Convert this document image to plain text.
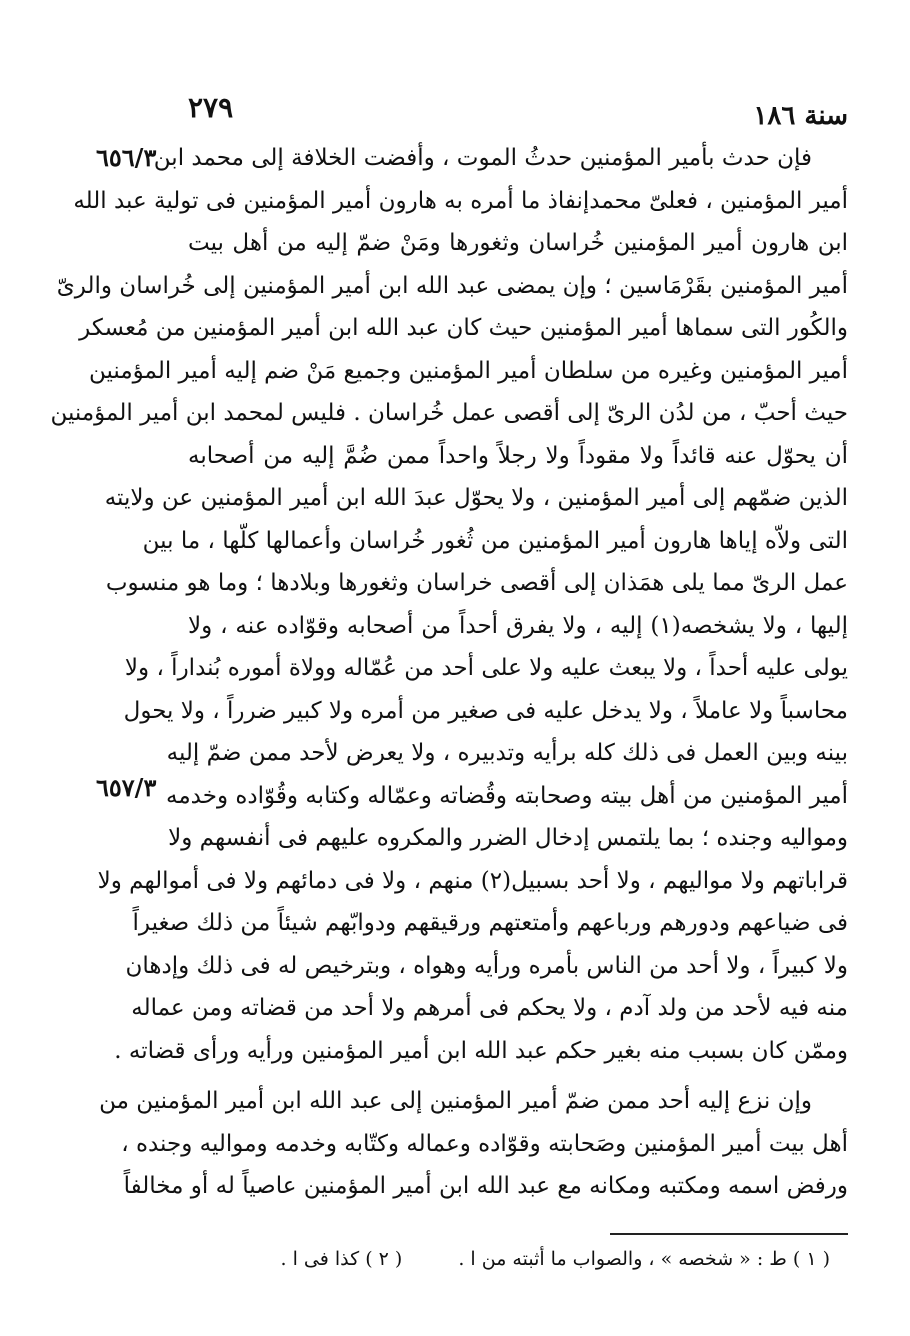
سنة ١٨٦
٢٧٩
٦٥٦/٣
٦٥٧/٣
فإن حدث بأمير المؤمنين حدثُ الموت ، وأفضت الخلافة إلى محمد ابن
أمير المؤمنين ، فعلىّ محمدإنفاذ ما أمره به هارون أمير المؤمنين فى تولية عبد الله
ابن هارون أمير المؤمنين خُراسان وثغورها ومَنْ ضمّ إليه من أهل بيت
أمير المؤمنين بقَرْمَاسين ؛ وإن يمضى عبد الله ابن أمير المؤمنين إلى خُراسان والرىّ
والكُور التى سماها أمير المؤمنين حيث كان عبد الله ابن أمير المؤمنين من مُعسكر
أمير المؤمنين وغيره من سلطان أمير المؤمنين وجميع مَنْ ضم إليه أمير المؤمنين
حيث أحبّ ، من لدُن الرىّ إلى أقصى عمل خُراسان . فليس لمحمد ابن أمير المؤمنين
أن يحوّل عنه قائداً ولا مقوداً ولا رجلاً واحداً ممن ضُمَّ إليه من أصحابه
الذين ضمّهم إلى أمير المؤمنين ، ولا يحوّل عبدَ الله ابن أمير المؤمنين عن ولايته
التى ولاّه إياها هارون أمير المؤمنين من ثُغور خُراسان وأعمالها كلّها ، ما بين
عمل الرىّ مما يلى همَذان إلى أقصى خراسان وثغورها وبلادها ؛ وما هو منسوب
إليها ، ولا يشخصه(١) إليه ، ولا يفرق أحداً من أصحابه وقوّاده عنه ، ولا
يولى عليه أحداً ، ولا يبعث عليه ولا على أحد من عُمّاله وولاة أموره بُنداراً ، ولا
محاسباً ولا عاملاً ، ولا يدخل عليه فى صغير من أمره ولا كبير ضرراً ، ولا يحول
بينه وبين العمل فى ذلك كله برأيه وتدبيره ، ولا يعرض لأحد ممن ضمّ إليه
أمير المؤمنين من أهل بيته وصحابته وقُضاته وعمّاله وكتابه وقُوّاده وخدمه
ومواليه وجنده ؛ بما يلتمس إدخال الضرر والمكروه عليهم فى أنفسهم ولا
قراباتهم ولا مواليهم ، ولا أحد بسبيل(٢) منهم ، ولا فى دمائهم ولا فى أموالهم ولا
فى ضياعهم ودورهم ورباعهم وأمتعتهم ورقيقهم ودوابّهم شيئاً من ذلك صغيراً
ولا كبيراً ، ولا أحد من الناس بأمره ورأيه وهواه ، وبترخيص له فى ذلك وإدهان
منه فيه لأحد من ولد آدم ، ولا يحكم فى أمرهم ولا أحد من قضاته ومن عماله
وممّن كان بسبب منه بغير حكم عبد الله ابن أمير المؤمنين ورأيه ورأى قضاته .
وإن نزع إليه أحد ممن ضمّ أمير المؤمنين إلى عبد الله ابن أمير المؤمنين من
أهل بيت أمير المؤمنين وصَحابته وقوّاده وعماله وكتّابه وخدمه ومواليه وجنده ،
ورفض اسمه ومكتبه ومكانه مع عبد الله ابن أمير المؤمنين عاصياً له أو مخالفاً
( ١ ) ط : « شخصه » ، والصواب ما أثبته من ا .
( ٢ ) كذا فى ا .
